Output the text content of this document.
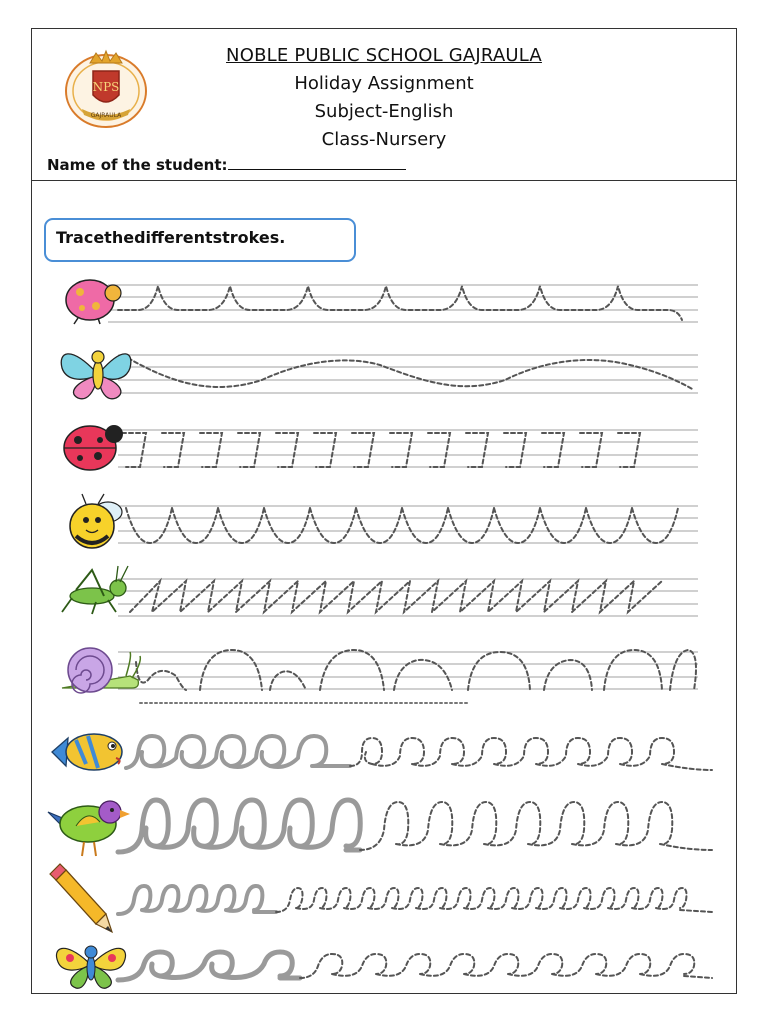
NPS
GAJRAULA
NOBLE PUBLIC SCHOOL GAJRAULA
Holiday Assignment
Subject-English
Class-Nursery
Name of the student:
Tracethedifferentstrokes.
